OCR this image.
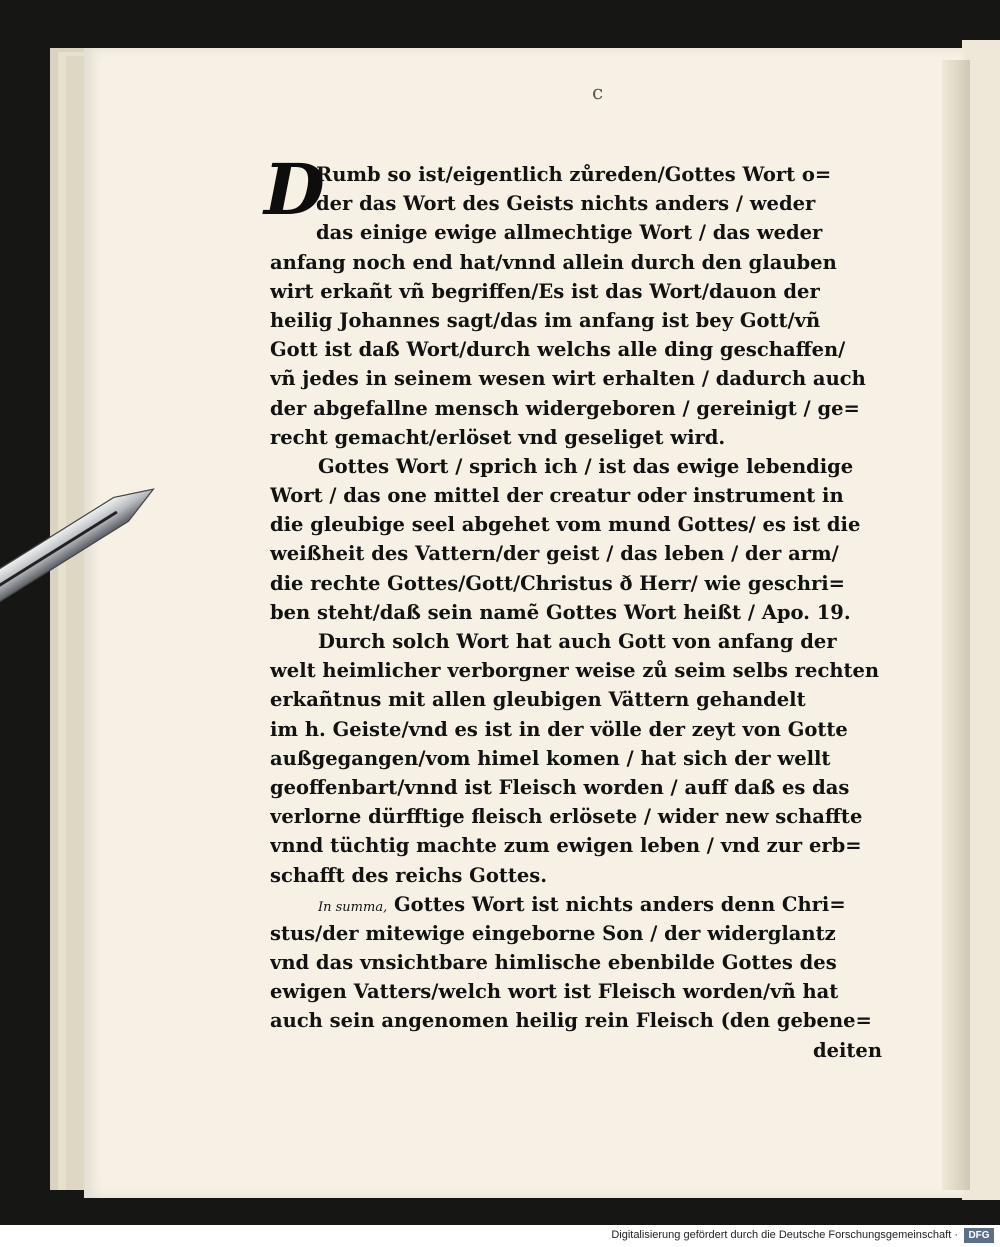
c
D
Rumb so ist/eigentlich zůreden/Gottes Wort o=
der das Wort des Geists nichts anders / weder
das einige ewige allmechtige Wort / das weder
anfang noch end hat/vnnd allein durch den glauben
wirt erkañt vñ begriffen/Es ist das Wort/dauon der
heilig Johannes sagt/das im anfang ist bey Gott/vñ
Gott ist daß Wort/durch welchs alle ding geschaffen/
vñ jedes in seinem wesen wirt erhalten / dadurch auch
der abgefallne mensch widergeboren / gereinigt / ge=
recht gemacht/erlöset vnd geseliget wird.
Gottes Wort / sprich ich / ist das ewige lebendige
Wort / das one mittel der creatur oder instrument in
die gleubige seel abgehet vom mund Gottes/ es ist die
weißheit des Vattern/der geist / das leben / der arm/
die rechte Gottes/Gott/Christus ð Herr/ wie geschri=
ben steht/daß sein namẽ Gottes Wort heißt / Apo. 19.
Durch solch Wort hat auch Gott von anfang der
welt heimlicher verborgner weise zů seim selbs rechten
erkañtnus mit allen gleubigen Vättern gehandelt
im h. Geiste/vnd es ist in der völle der zeyt von Gotte
außgegangen/vom himel komen / hat sich der wellt
geoffenbart/vnnd ist Fleisch worden / auff daß es das
verlorne dürfftige fleisch erlösete / wider new schaffte
vnnd tüchtig machte zum ewigen leben / vnd zur erb=
schafft des reichs Gottes.
In summa, Gottes Wort ist nichts anders denn Chri=
stus/der mitewige eingeborne Son / der widerglantz
vnd das vnsichtbare himlische ebenbilde Gottes des
ewigen Vatters/welch wort ist Fleisch worden/vñ hat
auch sein angenomen heilig rein Fleisch (den gebene=
deiten
Digitalisierung gefördert durch die Deutsche Forschungsgemeinschaft ·	DFG
